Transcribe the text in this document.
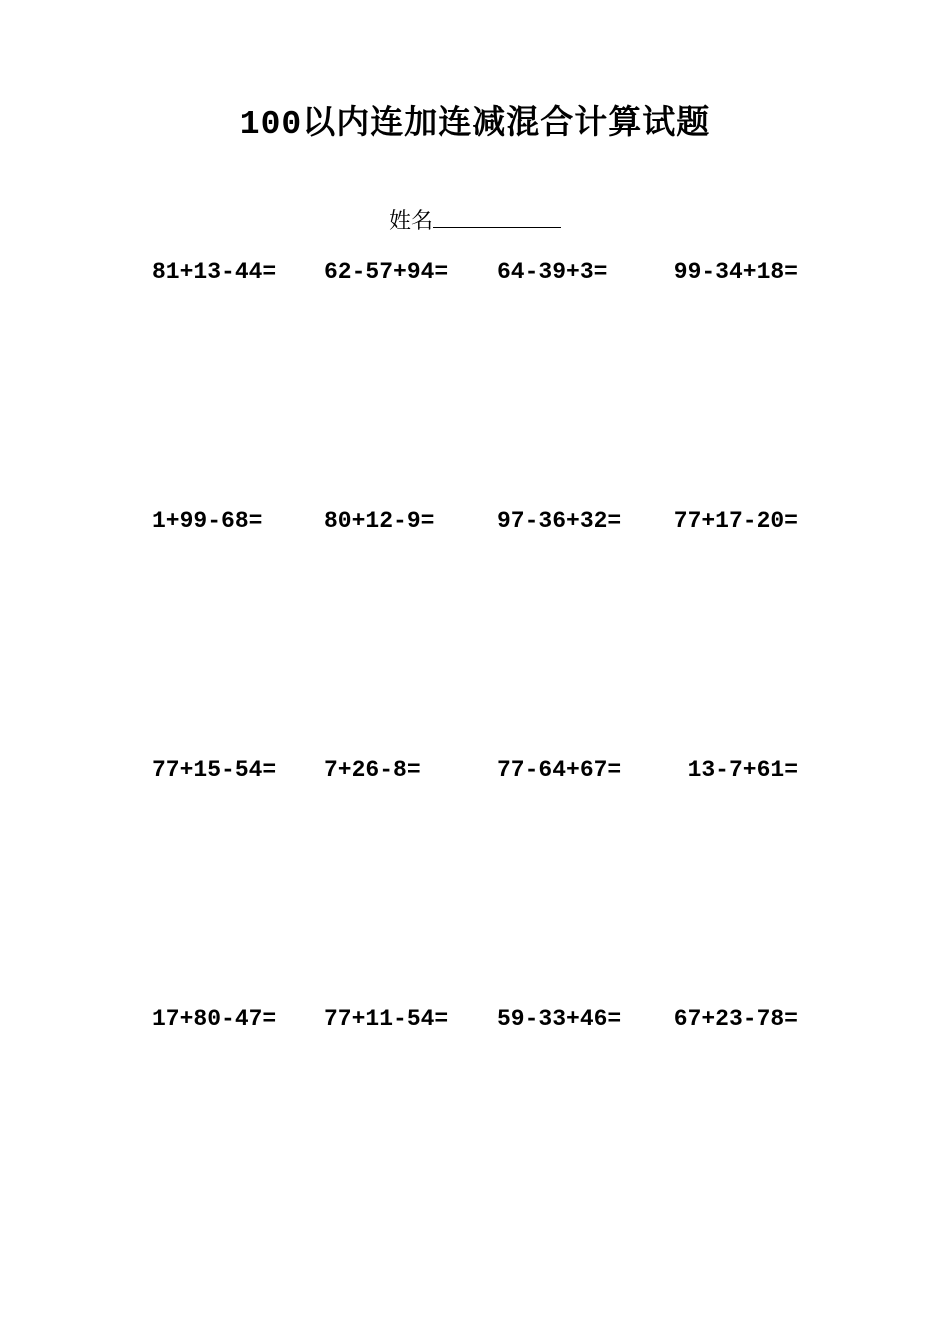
100以内连加连减混合计算试题
姓名
81+13-44= 62-57+94= 64-39+3=	99-34+18=
1+99-68=	80+12-9=	97-36+32= 77+17-20=
77+15-54= 7+26-8=	77-64+67=	13-7+61=
17+80-47= 77+11-54= 59-33+46= 67+23-78=
